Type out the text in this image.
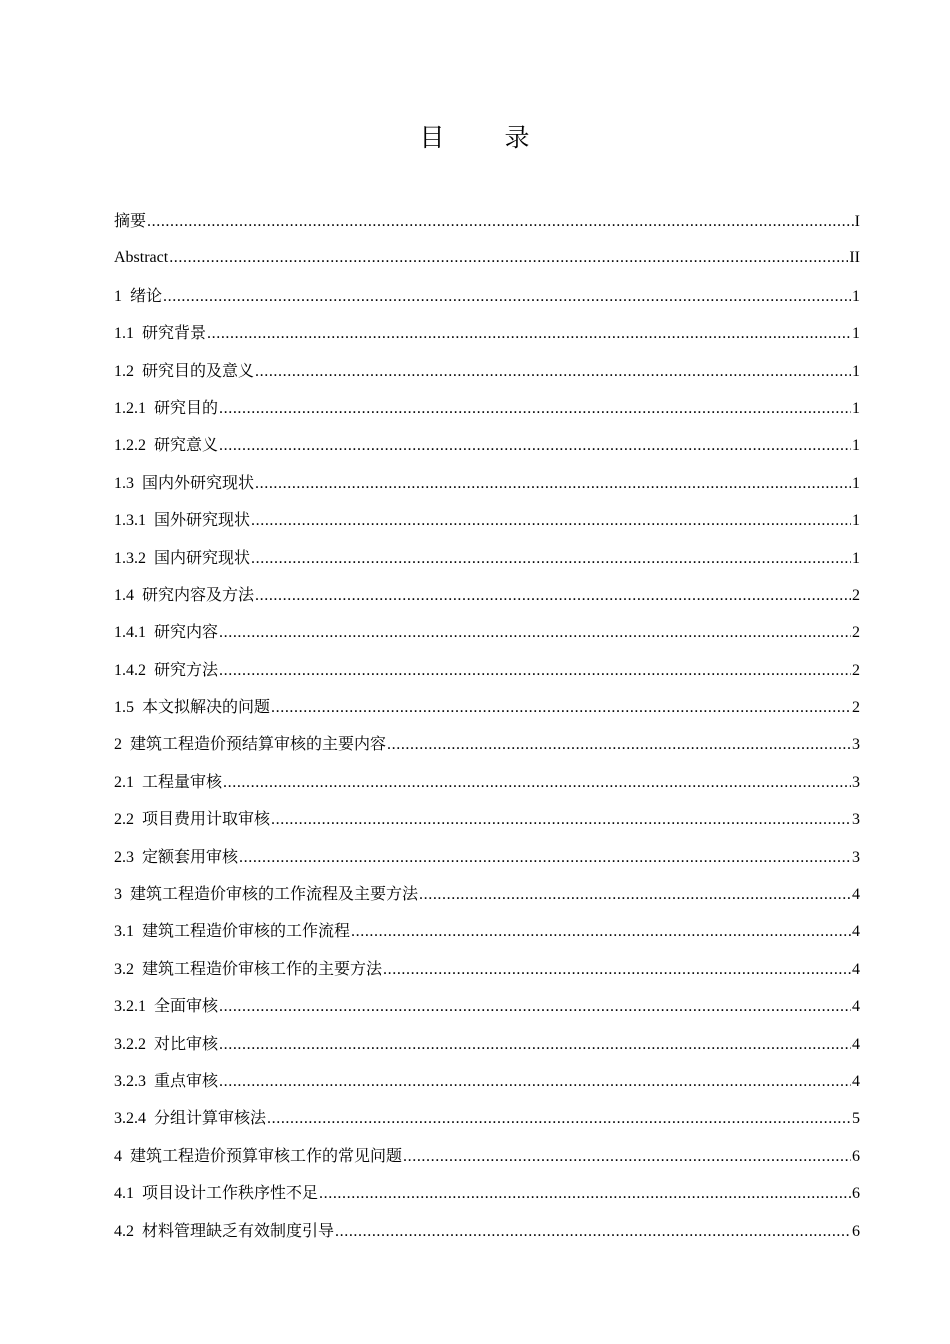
目 录
摘要 .....	I
Abstract .....	II
1 绪论 .....	1
1.1 研究背景 .....	1
1.2 研究目的及意义 .....	1
1.2.1 研究目的 .....	1
1.2.2 研究意义 .....	1
1.3 国内外研究现状 .....	1
1.3.1 国外研究现状 .....	1
1.3.2 国内研究现状 .....	1
1.4 研究内容及方法 .....	2
1.4.1 研究内容 .....	2
1.4.2 研究方法 .....	2
1.5 本文拟解决的问题 .....	2
2 建筑工程造价预结算审核的主要内容 .....	3
2.1 工程量审核 .....	3
2.2 项目费用计取审核 .....	3
2.3 定额套用审核 .....	3
3 建筑工程造价审核的工作流程及主要方法 .....	4
3.1 建筑工程造价审核的工作流程 .....	4
3.2 建筑工程造价审核工作的主要方法 .....	4
3.2.1 全面审核 .....	4
3.2.2 对比审核 .....	4
3.2.3 重点审核 .....	4
3.2.4 分组计算审核法 .....	5
4 建筑工程造价预算审核工作的常见问题 .....	6
4.1 项目设计工作秩序性不足 .....	6
4.2 材料管理缺乏有效制度引导 .....	6
